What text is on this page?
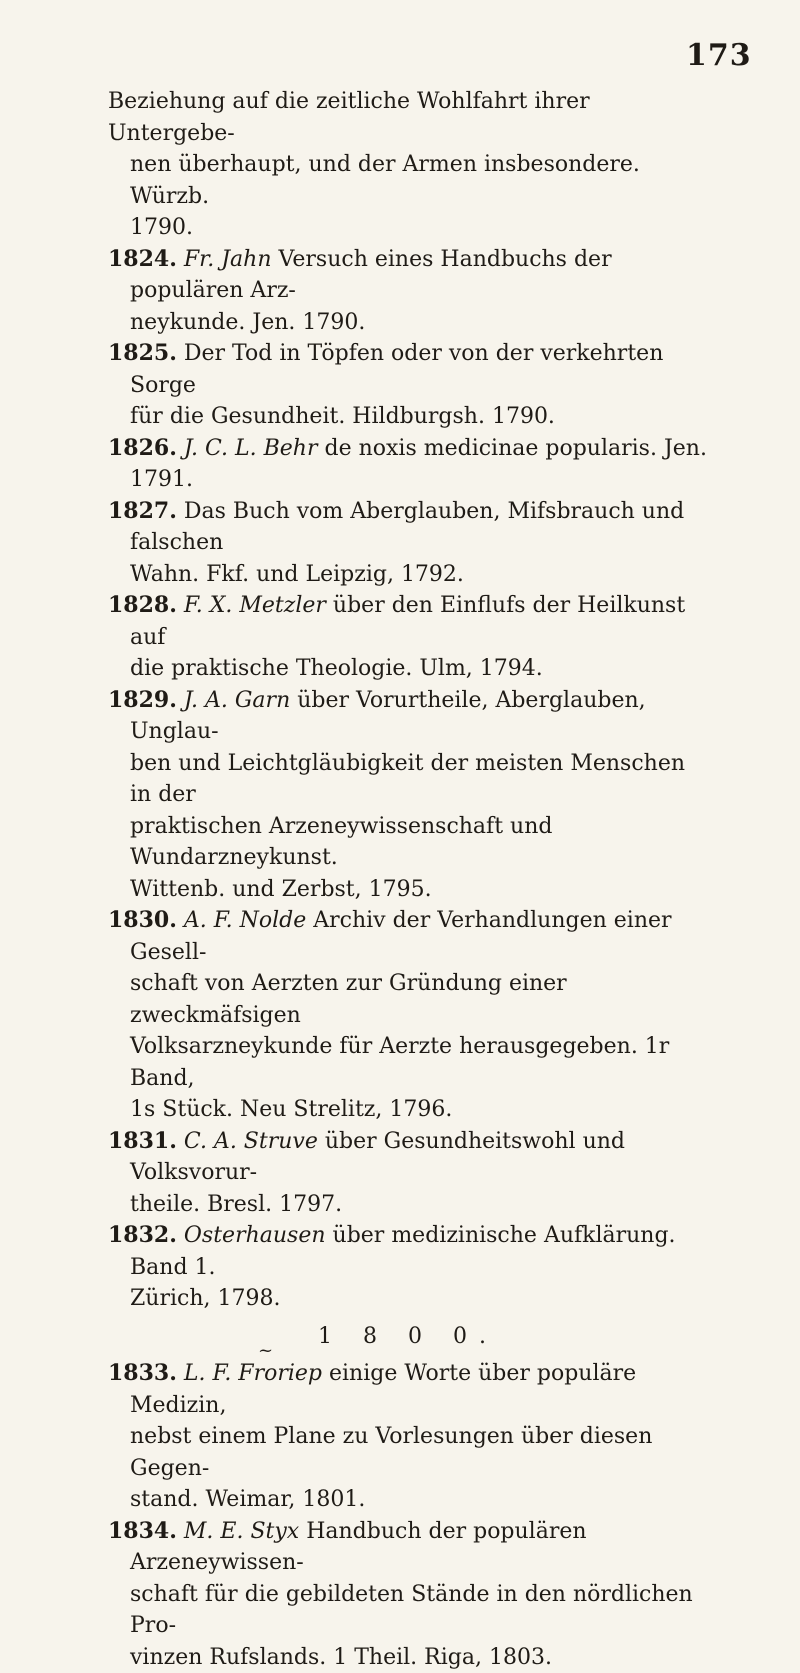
173
Beziehung auf die zeitliche Wohlfahrt ihrer Untergebe-
nen überhaupt, und der Armen insbesondere. Würzb.
1790.
1824. Fr. Jahn Versuch eines Handbuchs der populären Arz-
neykunde. Jen. 1790.
1825. Der Tod in Töpfen oder von der verkehrten Sorge
für die Gesundheit. Hildburgsh. 1790.
1826. J. C. L. Behr de noxis medicinae popularis. Jen. 1791.
1827. Das Buch vom Aberglauben, Mifsbrauch und falschen
Wahn. Fkf. und Leipzig, 1792.
1828. F. X. Metzler über den Einflufs der Heilkunst auf
die praktische Theologie. Ulm, 1794.
1829. J. A. Garn über Vorurtheile, Aberglauben, Unglau-
ben und Leichtgläubigkeit der meisten Menschen in der
praktischen Arzeneywissenschaft und Wundarzneykunst.
Wittenb. und Zerbst, 1795.
1830. A. F. Nolde Archiv der Verhandlungen einer Gesell-
schaft von Aerzten zur Gründung einer zweckmäfsigen
Volksarzneykunde für Aerzte herausgegeben. 1r Band,
1s Stück. Neu Strelitz, 1796.
1831. C. A. Struve über Gesundheitswohl und Volksvorur-
theile. Bresl. 1797.
1832. Osterhausen über medizinische Aufklärung. Band 1.
Zürich, 1798.
1 8 0 0.
~
1833. L. F. Froriep einige Worte über populäre Medizin,
nebst einem Plane zu Vorlesungen über diesen Gegen-
stand. Weimar, 1801.
1834. M. E. Styx Handbuch der populären Arzeneywissen-
schaft für die gebildeten Stände in den nördlichen Pro-
vinzen Rufslands. 1 Theil. Riga, 1803.
